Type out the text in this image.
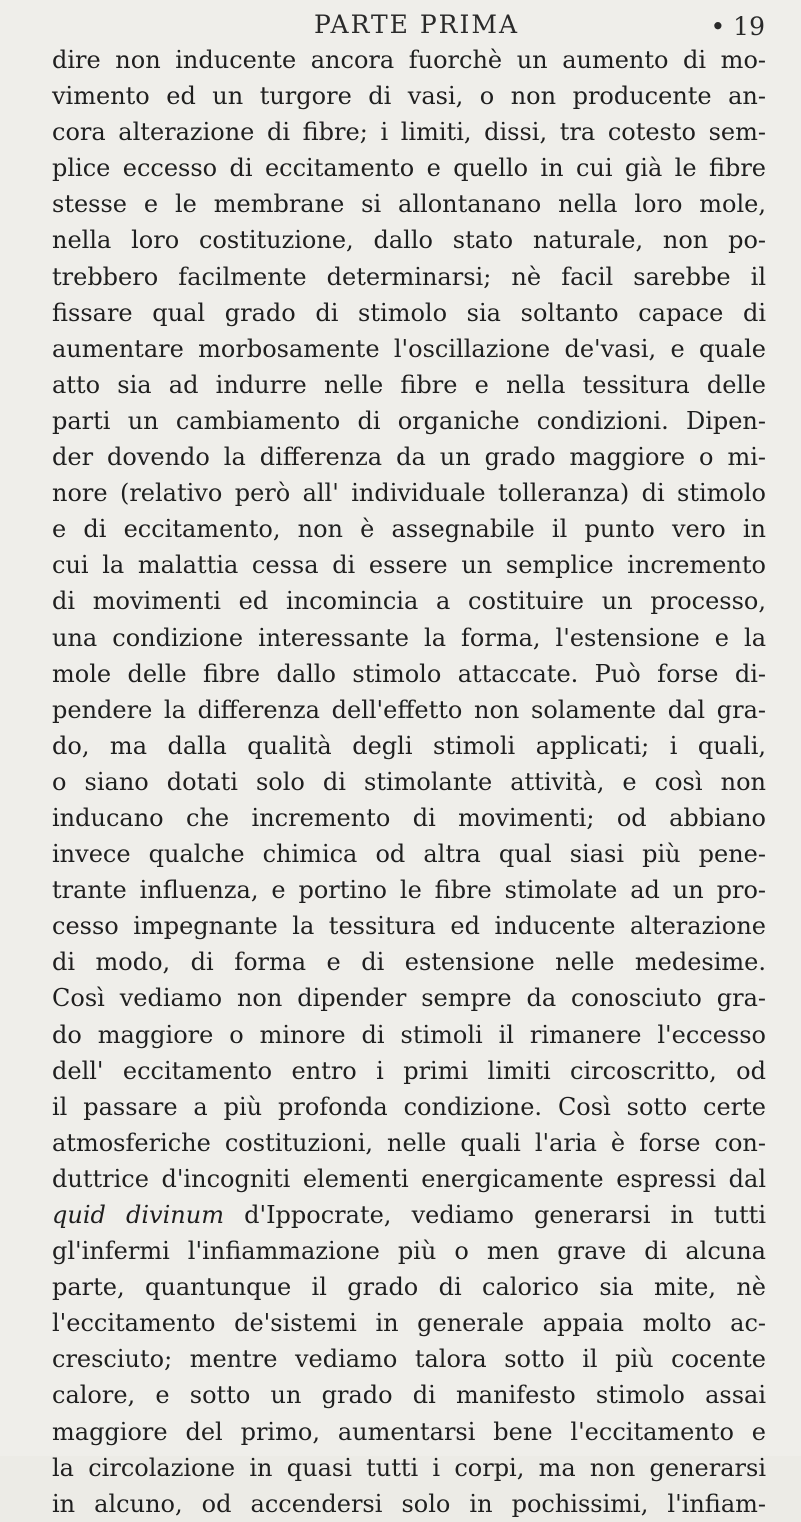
PARTE PRIMA	• 19
dire non inducente ancora fuorchè un aumento di mo-
vimento ed un turgore di vasi, o non producente an-
cora alterazione di fibre; i limiti, dissi, tra cotesto sem-
plice eccesso di eccitamento e quello in cui già le fibre
stesse e le membrane si allontanano nella loro mole,
nella loro costituzione, dallo stato naturale, non po-
trebbero facilmente determinarsi; nè facil sarebbe il
fissare qual grado di stimolo sia soltanto capace di
aumentare morbosamente l'oscillazione de'vasi, e quale
atto sia ad indurre nelle fibre e nella tessitura delle
parti un cambiamento di organiche condizioni. Dipen-
der dovendo la differenza da un grado maggiore o mi-
nore (relativo però all' individuale tolleranza) di stimolo
e di eccitamento, non è assegnabile il punto vero in
cui la malattia cessa di essere un semplice incremento
di movimenti ed incomincia a costituire un processo,
una condizione interessante la forma, l'estensione e la
mole delle fibre dallo stimolo attaccate. Può forse di-
pendere la differenza dell'effetto non solamente dal gra-
do, ma dalla qualità degli stimoli applicati; i quali,
o siano dotati solo di stimolante attività, e così non
inducano che incremento di movimenti; od abbiano
invece qualche chimica od altra qual siasi più pene-
trante influenza, e portino le fibre stimolate ad un pro-
cesso impegnante la tessitura ed inducente alterazione
di modo, di forma e di estensione nelle medesime.
Così vediamo non dipender sempre da conosciuto gra-
do maggiore o minore di stimoli il rimanere l'eccesso
dell' eccitamento entro i primi limiti circoscritto, od
il passare a più profonda condizione. Così sotto certe
atmosferiche costituzioni, nelle quali l'aria è forse con-
duttrice d'incogniti elementi energicamente espressi dal
quid divinum d'Ippocrate, vediamo generarsi in tutti
gl'infermi l'infiammazione più o men grave di alcuna
parte, quantunque il grado di calorico sia mite, nè
l'eccitamento de'sistemi in generale appaia molto ac-
cresciuto; mentre vediamo talora sotto il più cocente
calore, e sotto un grado di manifesto stimolo assai
maggiore del primo, aumentarsi bene l'eccitamento e
la circolazione in quasi tutti i corpi, ma non generarsi
in alcuno, od accendersi solo in pochissimi, l'infiam-
